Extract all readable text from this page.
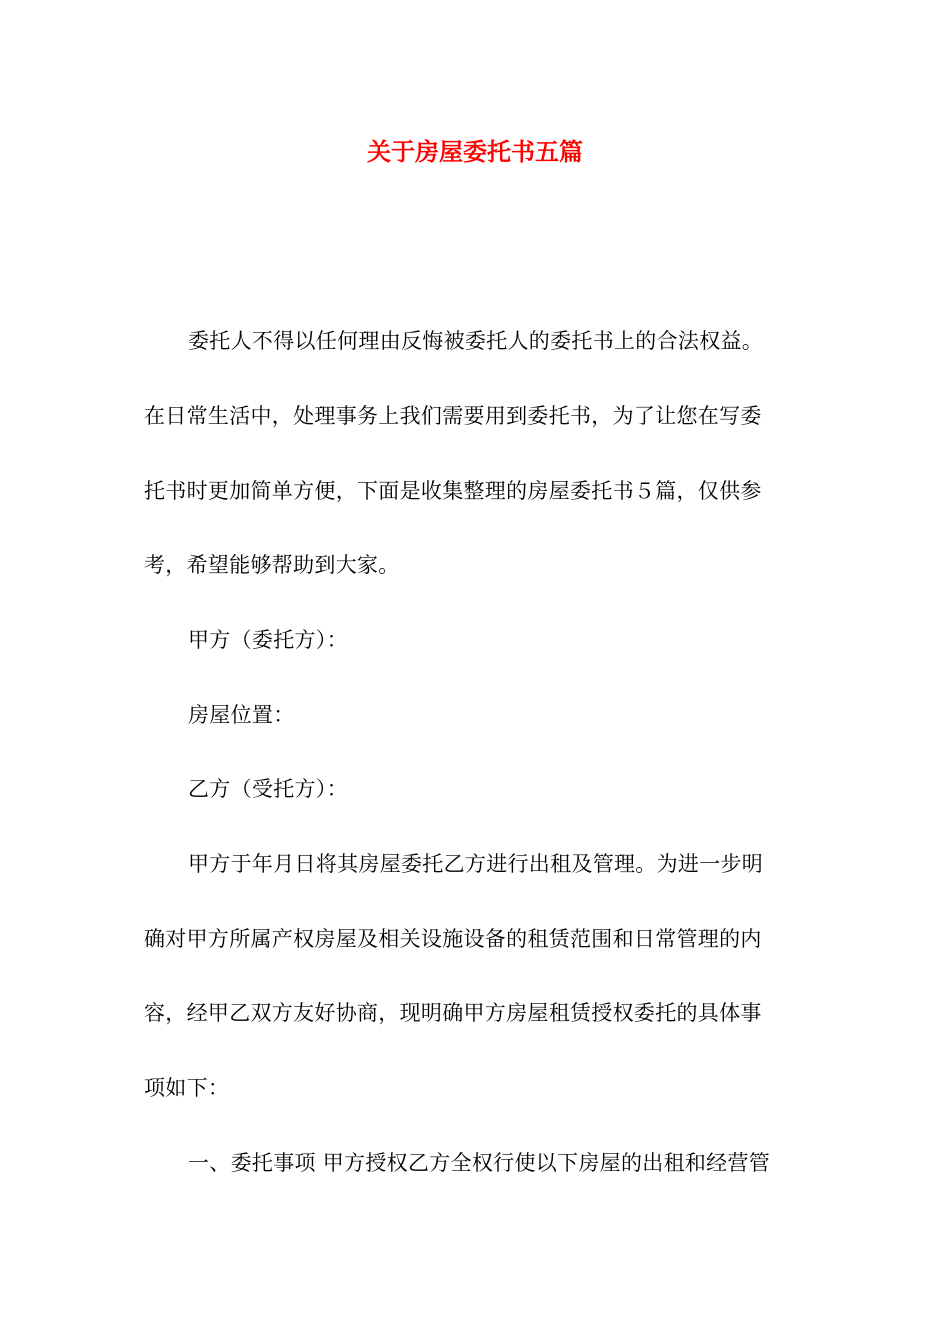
关于房屋委托书五篇
委托人不得以任何理由反悔被委托人的委托书上的合法权益。
在日常生活中，处理事务上我们需要用到委托书，为了让您在写委
托书时更加简单方便，下面是收集整理的房屋委托书５篇，仅供参
考，希望能够帮助到大家。
甲方（委托方）：
房屋位置：
乙方（受托方）：
甲方于年月日将其房屋委托乙方进行出租及管理。为进一步明
确对甲方所属产权房屋及相关设施设备的租赁范围和日常管理的内
容，经甲乙双方友好协商，现明确甲方房屋租赁授权委托的具体事
项如下：
一、委托事项 甲方授权乙方全权行使以下房屋的出租和经营管
